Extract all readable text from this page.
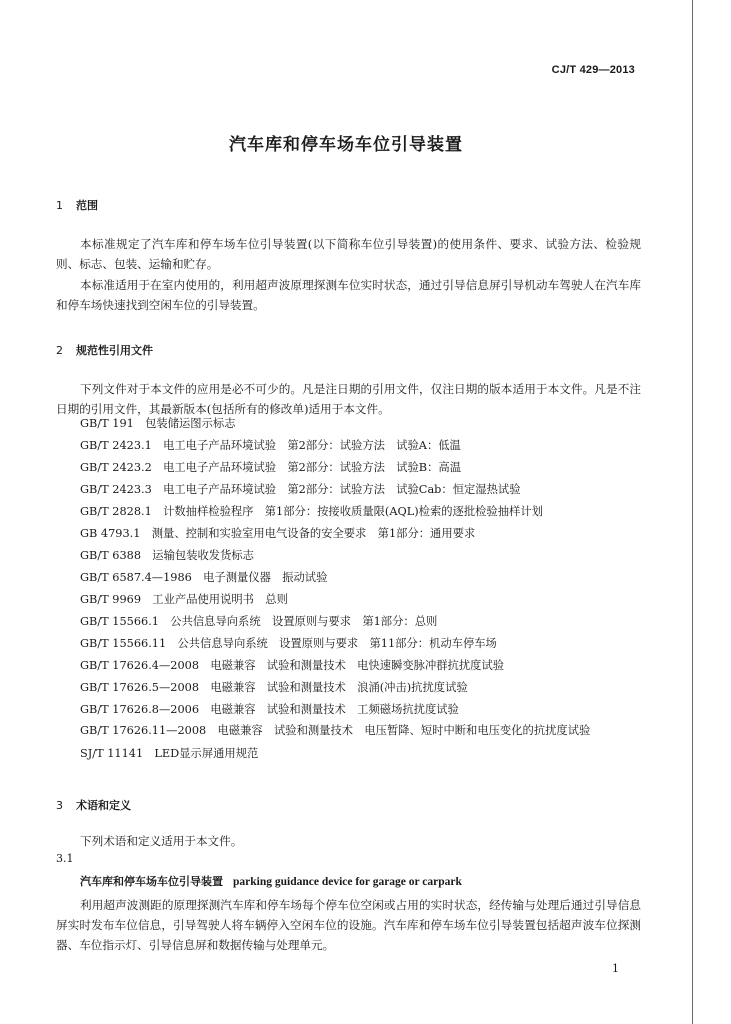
CJ/T 429—2013
汽车库和停车场车位引导装置
1 范围
本标准规定了汽车库和停车场车位引导装置(以下简称车位引导装置)的使用条件、要求、试验方法、检验规则、标志、包装、运输和贮存。
本标准适用于在室内使用的，利用超声波原理探测车位实时状态，通过引导信息屏引导机动车驾驶人在汽车库和停车场快速找到空闲车位的引导装置。
2 规范性引用文件
下列文件对于本文件的应用是必不可少的。凡是注日期的引用文件，仅注日期的版本适用于本文件。凡是不注日期的引用文件，其最新版本(包括所有的修改单)适用于本文件。
GB/T 191　包装储运图示标志
GB/T 2423.1　电工电子产品环境试验　第2部分：试验方法　试验A：低温
GB/T 2423.2　电工电子产品环境试验　第2部分：试验方法　试验B：高温
GB/T 2423.3　电工电子产品环境试验　第2部分：试验方法　试验Cab：恒定湿热试验
GB/T 2828.1　计数抽样检验程序　第1部分：按接收质量限(AQL)检索的逐批检验抽样计划
GB 4793.1　测量、控制和实验室用电气设备的安全要求　第1部分：通用要求
GB/T 6388　运输包装收发货标志
GB/T 6587.4—1986　电子测量仪器　振动试验
GB/T 9969　工业产品使用说明书　总则
GB/T 15566.1　公共信息导向系统　设置原则与要求　第1部分：总则
GB/T 15566.11　公共信息导向系统　设置原则与要求　第11部分：机动车停车场
GB/T 17626.4—2008　电磁兼容　试验和测量技术　电快速瞬变脉冲群抗扰度试验
GB/T 17626.5—2008　电磁兼容　试验和测量技术　浪涌(冲击)抗扰度试验
GB/T 17626.8—2006　电磁兼容　试验和测量技术　工频磁场抗扰度试验
GB/T 17626.11—2008　电磁兼容　试验和测量技术　电压暂降、短时中断和电压变化的抗扰度试验
SJ/T 11141　LED显示屏通用规范
3 术语和定义
下列术语和定义适用于本文件。
3.1
汽车库和停车场车位引导装置 parking guidance device for garage or carpark
利用超声波测距的原理探测汽车库和停车场每个停车位空闲或占用的实时状态，经传输与处理后通过引导信息屏实时发布车位信息，引导驾驶人将车辆停入空闲车位的设施。汽车库和停车场车位引导装置包括超声波车位探测器、车位指示灯、引导信息屏和数据传输与处理单元。
1
